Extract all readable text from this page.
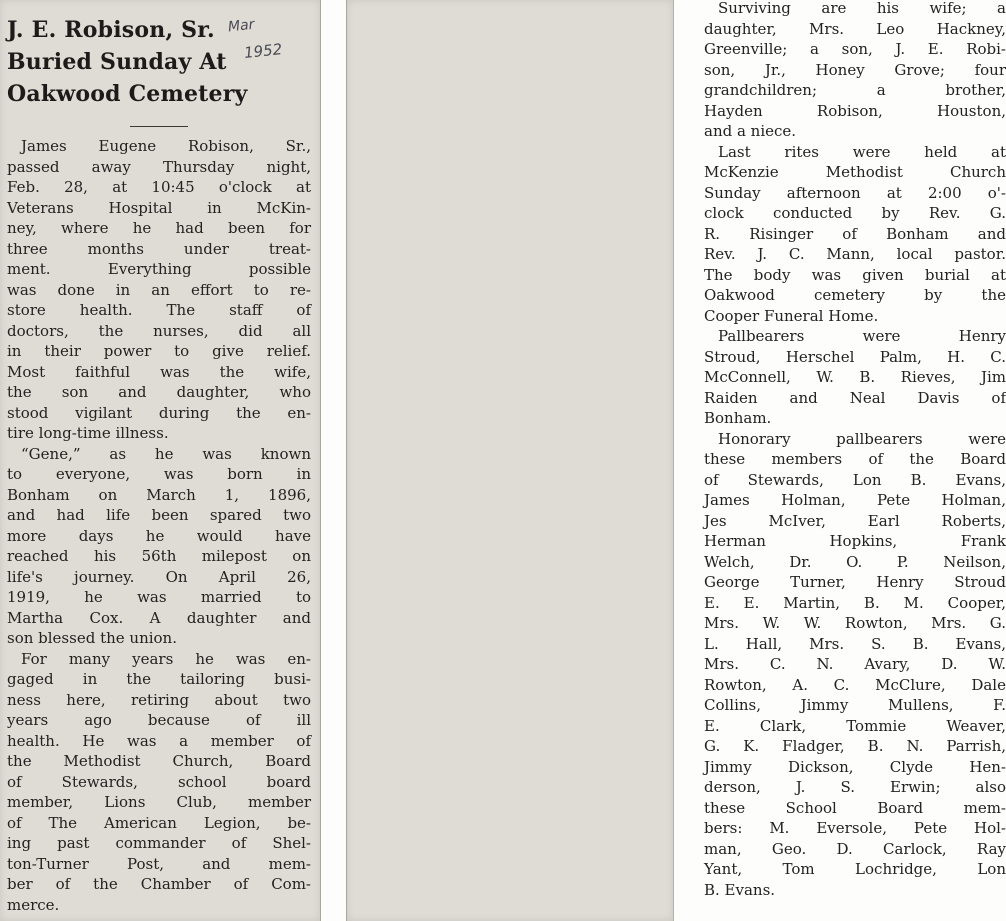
J. E. Robison, Sr.
Buried Sunday At
Oakwood Cemetery
Mar
1952
James Eugene Robison, Sr.,
passed away Thursday night,
Feb. 28, at 10:45 o'clock at
Veterans Hospital in McKin-
ney, where he had been for
three months under treat-
ment. Everything possible
was done in an effort to re-
store health. The staff of
doctors, the nurses, did all
in their power to give relief.
Most faithful was the wife,
the son and daughter, who
stood vigilant during the en-
tire long-time illness.
“Gene,” as he was known
to everyone, was born in
Bonham on March 1, 1896,
and had life been spared two
more days he would have
reached his 56th milepost on
life's journey. On April 26,
1919, he was married to
Martha Cox. A daughter and
son blessed the union.
For many years he was en-
gaged in the tailoring busi-
ness here, retiring about two
years ago because of ill
health. He was a member of
the Methodist Church, Board
of Stewards, school board
member, Lions Club, member
of The American Legion, be-
ing past commander of Shel-
ton-Turner Post, and mem-
ber of the Chamber of Com-
merce.
Surviving are his wife; a
daughter, Mrs. Leo Hackney,
Greenville; a son, J. E. Robi-
son, Jr., Honey Grove; four
grandchildren; a brother,
Hayden Robison, Houston,
and a niece.
Last rites were held at
McKenzie Methodist Church
Sunday afternoon at 2:00 o'-
clock conducted by Rev. G.
R. Risinger of Bonham and
Rev. J. C. Mann, local pastor.
The body was given burial at
Oakwood cemetery by the
Cooper Funeral Home.
Pallbearers were Henry
Stroud, Herschel Palm, H. C.
McConnell, W. B. Rieves, Jim
Raiden and Neal Davis of
Bonham.
Honorary pallbearers were
these members of the Board
of Stewards, Lon B. Evans,
James Holman, Pete Holman,
Jes McIver, Earl Roberts,
Herman Hopkins, Frank
Welch, Dr. O. P. Neilson,
George Turner, Henry Stroud
E. E. Martin, B. M. Cooper,
Mrs. W. W. Rowton, Mrs. G.
L. Hall, Mrs. S. B. Evans,
Mrs. C. N. Avary, D. W.
Rowton, A. C. McClure, Dale
Collins, Jimmy Mullens, F.
E. Clark, Tommie Weaver,
G. K. Fladger, B. N. Parrish,
Jimmy Dickson, Clyde Hen-
derson, J. S. Erwin; also
these School Board mem-
bers: M. Eversole, Pete Hol-
man, Geo. D. Carlock, Ray
Yant, Tom Lochridge, Lon
B. Evans.
